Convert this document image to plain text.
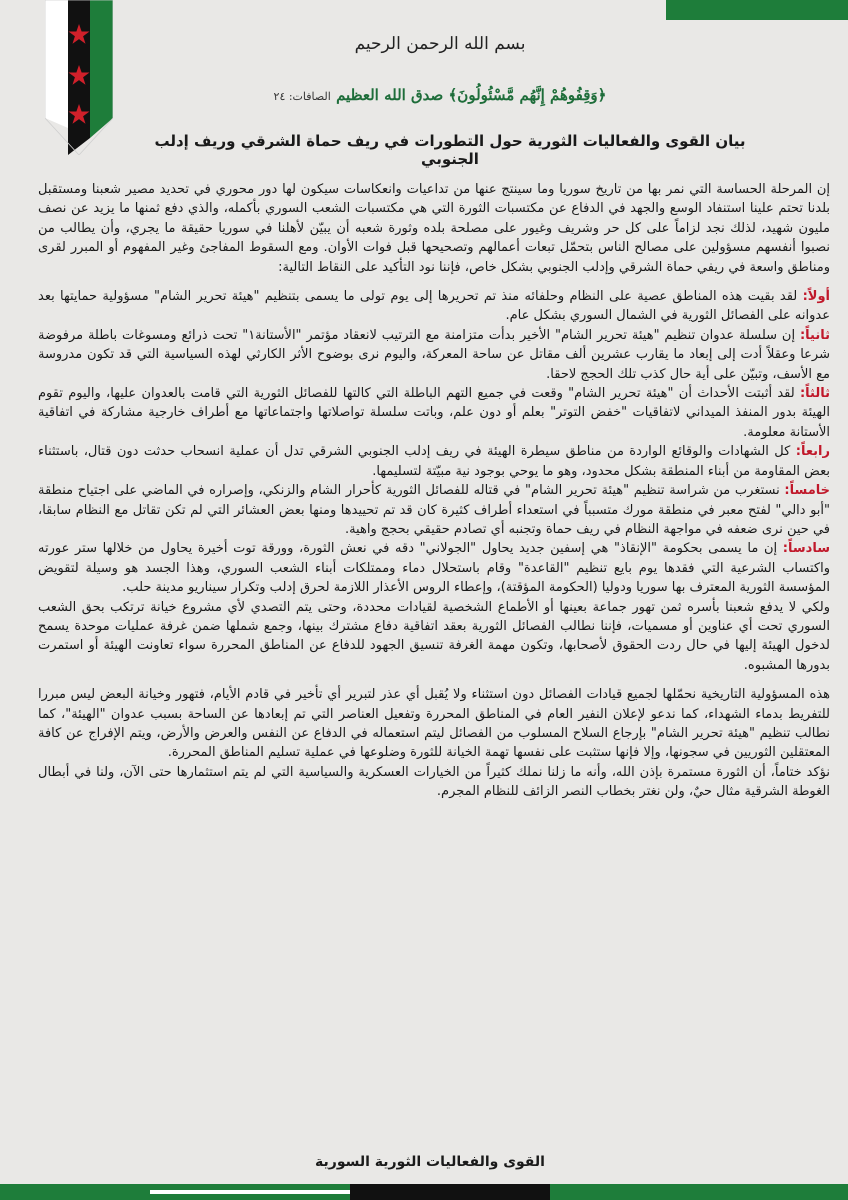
بسم الله الرحمن الرحيم
﴿وَقِفُوهُمْ إِنَّهُم مَّسْئُولُونَ﴾ صدق الله العظيم الصافات: ٢٤
بيان القوى والفعاليات الثورية حول التطورات في ريف حماة الشرقي وريف إدلب الجنوبي

إن المرحلة الحساسة التي نمر بها من تاريخ سوريا وما سينتج عنها من تداعيات وانعكاسات سيكون لها دور محوري في تحديد مصير شعبنا ومستقبل بلدنا تحتم علينا استنفاد الوسع والجهد في الدفاع عن مكتسبات الثورة التي هي مكتسبات الشعب السوري بأكمله، والذي دفع ثمنها ما يزيد عن نصف مليون شهيد، لذلك نجد لزاماً على كل حر وشريف وغيور على مصلحة بلده وثورة شعبه أن يبيّن لأهلنا في سوريا حقيقة ما يجري، وأن يطالب من نصبوا أنفسهم مسؤولين على مصالح الناس بتحمّل تبعات أعمالهم وتصحيحها قبل فوات الأوان. ومع السقوط المفاجئ وغير المفهوم أو المبرر لقرى ومناطق واسعة في ريفي حماة الشرقي وإدلب الجنوبي بشكل خاص، فإننا نود التأكيد على النقاط التالية:

أولاً: لقد بقيت هذه المناطق عصية على النظام وحلفائه منذ تم تحريرها إلى يوم تولى ما يسمى بتنظيم "هيئة تحرير الشام" مسؤولية حمايتها بعد عدوانه على الفصائل الثورية في الشمال السوري بشكل عام.

ثانياً: إن سلسلة عدوان تنظيم "هيئة تحرير الشام" الأخير بدأت متزامنة مع الترتيب لانعقاد مؤتمر "الأستانة١" تحت ذرائع ومسوغات باطلة مرفوضة شرعا وعقلاً أدت إلى إبعاد ما يقارب عشرين ألف مقاتل عن ساحة المعركة، واليوم نرى بوضوح الأثر الكارثي لهذه السياسية التي قد تكون مدروسة مع الأسف، وتبيّن على أية حال كذب تلك الحجج لاحقا.

ثالثاً: لقد أثبتت الأحداث أن "هيئة تحرير الشام" وقعت في جميع التهم الباطلة التي كالتها للفصائل الثورية التي قامت بالعدوان عليها، واليوم تقوم الهيئة بدور المنفذ الميداني لاتفاقيات "خفض التوتر" بعلم أو دون علم، وباتت سلسلة تواصلاتها واجتماعاتها مع أطراف خارجية مشاركة في اتفاقية الأستانة معلومة.

رابعاً: كل الشهادات والوقائع الواردة من مناطق سيطرة الهيئة في ريف إدلب الجنوبي الشرقي تدل أن عملية انسحاب حدثت دون قتال، باستثناء بعض المقاومة من أبناء المنطقة بشكل محدود، وهو ما يوحي بوجود نية مبيّتة لتسليمها.

خامساً: نستغرب من شراسة تنظيم "هيئة تحرير الشام" في قتاله للفصائل الثورية كأحرار الشام والزنكي، وإصراره في الماضي على اجتياح منطقة "أبو دالي" لفتح معبر في منطقة مورك متسبباً في استعداء أطراف كثيرة كان قد تم تحييدها ومنها بعض العشائر التي لم تكن تقاتل مع النظام سابقا، في حين نرى ضعفه في مواجهة النظام في ريف حماة وتجنبه أي تصادم حقيقي بحجج واهية.

سادساً: إن ما يسمى بحكومة "الإنقاذ" هي إسفين جديد يحاول "الجولاني" دقه في نعش الثورة، وورقة توت أخيرة يحاول من خلالها ستر عورته واكتساب الشرعية التي فقدها يوم بايع تنظيم "القاعدة" وقام باستحلال دماء وممتلكات أبناء الشعب السوري، وهذا الجسد هو وسيلة لتقويض المؤسسة الثورية المعترف بها سوريا ودوليا (الحكومة المؤقتة)، وإعطاء الروس الأعذار اللازمة لحرق إدلب وتكرار سيناريو مدينة حلب.

ولكي لا يدفع شعبنا بأسره ثمن تهور جماعة بعينها أو الأطماع الشخصية لقيادات محددة، وحتى يتم التصدي لأي مشروع خيانة ترتكب بحق الشعب السوري تحت أي عناوين أو مسميات، فإننا نطالب الفصائل الثورية بعقد اتفاقية دفاع مشترك بينها، وجمع شملها ضمن غرفة عمليات موحدة يسمح لدخول الهيئة إليها في حال ردت الحقوق لأصحابها، وتكون مهمة الغرفة تنسيق الجهود للدفاع عن المناطق المحررة سواء تعاونت الهيئة أو استمرت بدورها المشبوه.

هذه المسؤولية التاريخية نحمّلها لجميع قيادات الفصائل دون استثناء ولا يُقبل أي عذر لتبرير أي تأخير في قادم الأيام، فتهور وخيانة البعض ليس مبررا للتفريط بدماء الشهداء، كما ندعو لإعلان النفير العام في المناطق المحررة وتفعيل العناصر التي تم إبعادها عن الساحة بسبب عدوان "الهيئة"، كما نطالب تنظيم "هيئة تحرير الشام" بإرجاع السلاح المسلوب من الفصائل ليتم استعماله في الدفاع عن النفس والعرض والأرض، ويتم الإفراج عن كافة المعتقلين الثوريين في سجونها، وإلا فإنها ستثبت على نفسها تهمة الخيانة للثورة وضلوعها في عملية تسليم المناطق المحررة.

نؤكد ختاماً، أن الثورة مستمرة بإذن الله، وأنه ما زلنا نملك كثيراً من الخيارات العسكرية والسياسية التي لم يتم استثمارها حتى الآن، ولنا في أبطال الغوطة الشرقية مثال حيٌ، ولن نغتر بخطاب النصر الزائف للنظام المجرم.

القوى والفعاليات الثورية السورية
